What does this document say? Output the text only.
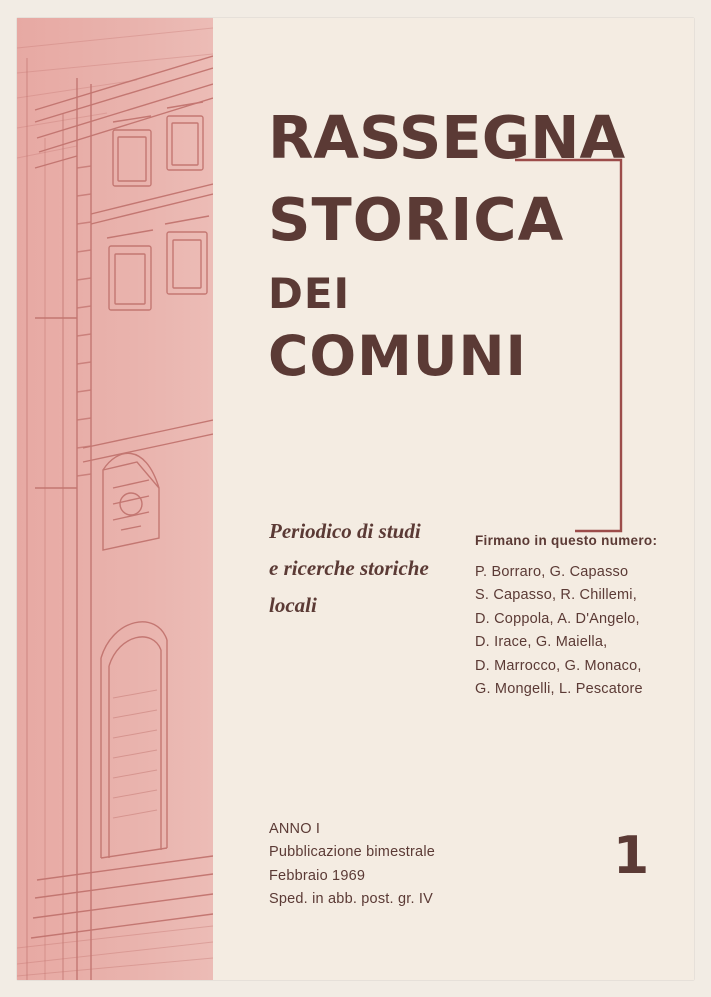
RASSEGNA
STORICA
DEI
COMUNI
Periodico di studi
e ricerche storiche
locali
Firmano in questo numero:
P. Borraro, G. Capasso
S. Capasso, R. Chillemi,
D. Coppola, A. D'Angelo,
D. Irace, G. Maiella,
D. Marrocco, G. Monaco,
G. Mongelli, L. Pescatore
ANNO I
Pubblicazione bimestrale
Febbraio 1969
Sped. in abb. post. gr. IV
1
